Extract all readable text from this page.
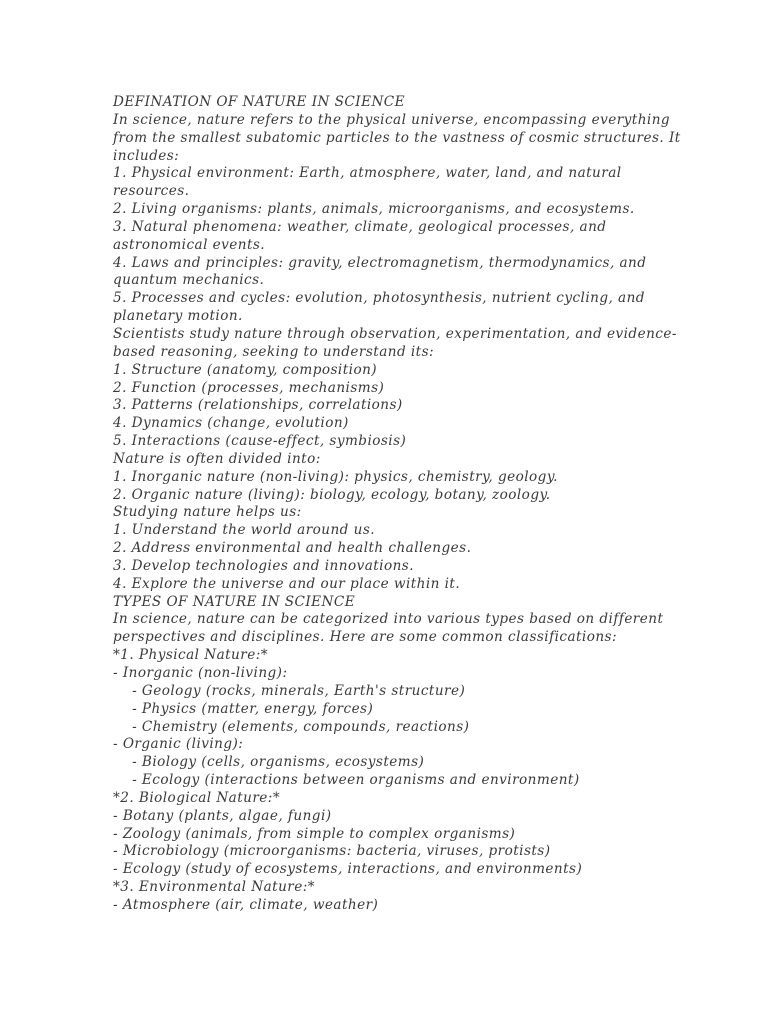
DEFINATION OF NATURE IN SCIENCE
In science, nature refers to the physical universe, encompassing everything
from the smallest subatomic particles to the vastness of cosmic structures. It
includes:
1. Physical environment: Earth, atmosphere, water, land, and natural
resources.
2. Living organisms: plants, animals, microorganisms, and ecosystems.
3. Natural phenomena: weather, climate, geological processes, and
astronomical events.
4. Laws and principles: gravity, electromagnetism, thermodynamics, and
quantum mechanics.
5. Processes and cycles: evolution, photosynthesis, nutrient cycling, and
planetary motion.
Scientists study nature through observation, experimentation, and evidence-
based reasoning, seeking to understand its:
1. Structure (anatomy, composition)
2. Function (processes, mechanisms)
3. Patterns (relationships, correlations)
4. Dynamics (change, evolution)
5. Interactions (cause-effect, symbiosis)
Nature is often divided into:
1. Inorganic nature (non-living): physics, chemistry, geology.
2. Organic nature (living): biology, ecology, botany, zoology.
Studying nature helps us:
1. Understand the world around us.
2. Address environmental and health challenges.
3. Develop technologies and innovations.
4. Explore the universe and our place within it.
TYPES OF NATURE IN SCIENCE
In science, nature can be categorized into various types based on different
perspectives and disciplines. Here are some common classifications:
*1. Physical Nature:*
- Inorganic (non-living):
- Geology (rocks, minerals, Earth's structure)
- Physics (matter, energy, forces)
- Chemistry (elements, compounds, reactions)
- Organic (living):
- Biology (cells, organisms, ecosystems)
- Ecology (interactions between organisms and environment)
*2. Biological Nature:*
- Botany (plants, algae, fungi)
- Zoology (animals, from simple to complex organisms)
- Microbiology (microorganisms: bacteria, viruses, protists)
- Ecology (study of ecosystems, interactions, and environments)
*3. Environmental Nature:*
- Atmosphere (air, climate, weather)
